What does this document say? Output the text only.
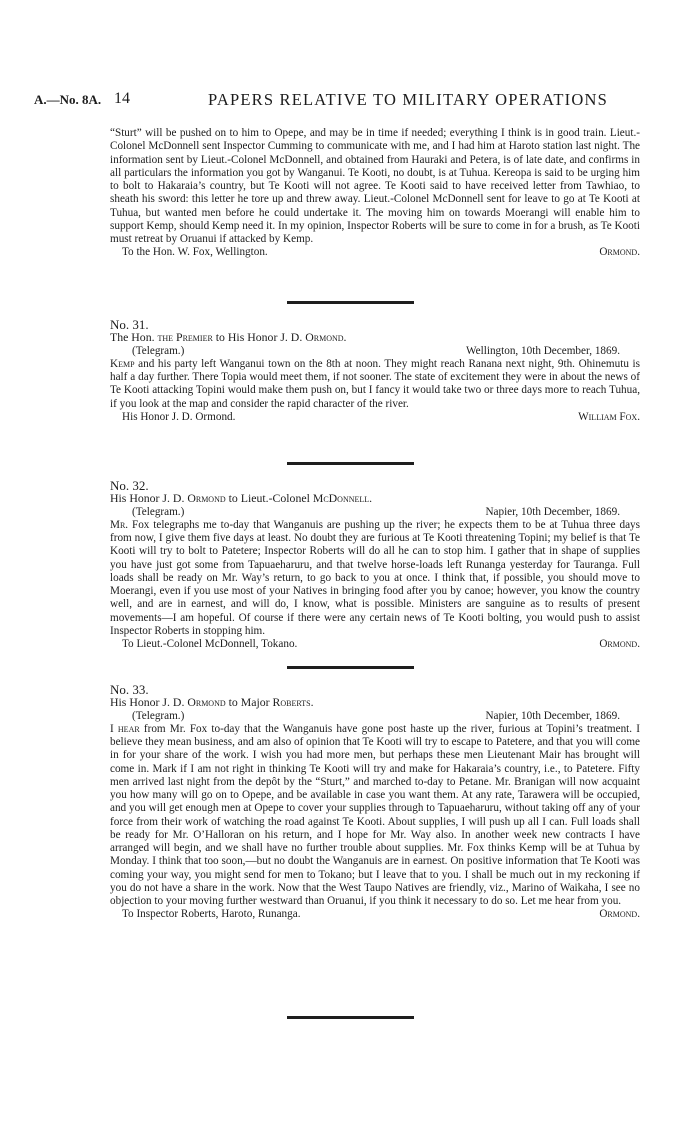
A.—No. 8A. 14	PAPERS RELATIVE TO MILITARY OPERATIONS

“Sturt” will be pushed on to him to Opepe, and may be in time if needed; everything I think is in good train. Lieut.-Colonel McDonnell sent Inspector Cumming to communicate with me, and I had him at Haroto station last night. The information sent by Lieut.-Colonel McDonnell, and obtained from Hauraki and Petera, is of late date, and confirms in all particulars the information you got by Wanganui. Te Kooti, no doubt, is at Tuhua. Kereopa is said to be urging him to bolt to Hakaraia’s country, but Te Kooti will not agree. Te Kooti said to have received letter from Tawhiao, to sheath his sword: this letter he tore up and threw away. Lieut.-Colonel McDonnell sent for leave to go at Te Kooti at Tuhua, but wanted men before he could undertake it. The moving him on towards Moerangi will enable him to support Kemp, should Kemp need it. In my opinion, Inspector Roberts will be sure to come in for a brush, as Te Kooti must retreat by Oruanui if attacked by Kemp.

To the Hon. W. Fox, Wellington.	Ormond.

No. 31.

The Hon. the Premier to His Honor J. D. Ormond.

(Telegram.)	Wellington, 10th December, 1869.

Kemp and his party left Wanganui town on the 8th at noon. They might reach Ranana next night, 9th. Ohinemutu is half a day further. There Topia would meet them, if not sooner. The state of excitement they were in about the news of Te Kooti attacking Topini would make them push on, but I fancy it would take two or three days more to reach Tuhua, if you look at the map and consider the rapid character of the river.

His Honor J. D. Ormond.	William Fox.

No. 32.

His Honor J. D. Ormond to Lieut.-Colonel McDonnell.

(Telegram.)	Napier, 10th December, 1869.

Mr. Fox telegraphs me to-day that Wanganuis are pushing up the river; he expects them to be at Tuhua three days from now, I give them five days at least. No doubt they are furious at Te Kooti threatening Topini; my belief is that Te Kooti will try to bolt to Patetere; Inspector Roberts will do all he can to stop him. I gather that in shape of supplies you have just got some from Tapuaeharuru, and that twelve horse-loads left Runanga yesterday for Tauranga. Full loads shall be ready on Mr. Way’s return, to go back to you at once. I think that, if possible, you should move to Moerangi, even if you use most of your Natives in bringing food after you by canoe; however, you know the country well, and are in earnest, and will do, I know, what is possible. Ministers are sanguine as to results of present movements—I am hopeful. Of course if there were any certain news of Te Kooti bolting, you would push to assist Inspector Roberts in stopping him.

To Lieut.-Colonel McDonnell, Tokano.	Ormond.

No. 33.

His Honor J. D. Ormond to Major Roberts.

(Telegram.)	Napier, 10th December, 1869.

I hear from Mr. Fox to-day that the Wanganuis have gone post haste up the river, furious at Topini’s treatment. I believe they mean business, and am also of opinion that Te Kooti will try to escape to Patetere, and that you will come in for your share of the work. I wish you had more men, but perhaps these men Lieutenant Mair has brought will come in. Mark if I am not right in thinking Te Kooti will try and make for Hakaraia’s country, i.e., to Patetere. Fifty men arrived last night from the depôt by the “Sturt,” and marched to-day to Petane. Mr. Branigan will now acquaint you how many will go on to Opepe, and be available in case you want them. At any rate, Tarawera will be occupied, and you will get enough men at Opepe to cover your supplies through to Tapuaeharuru, without taking off any of your force from their work of watching the road against Te Kooti. About supplies, I will push up all I can. Full loads shall be ready for Mr. O’Halloran on his return, and I hope for Mr. Way also. In another week new contracts I have arranged will begin, and we shall have no further trouble about supplies. Mr. Fox thinks Kemp will be at Tuhua by Monday. I think that too soon,—but no doubt the Wanganuis are in earnest. On positive information that Te Kooti was coming your way, you might send for men to Tokano; but I leave that to you. I shall be much out in my reckoning if you do not have a share in the work. Now that the West Taupo Natives are friendly, viz., Marino of Waikaha, I see no objection to your moving further westward than Oruanui, if you think it necessary to do so. Let me hear from you.

To Inspector Roberts, Haroto, Runanga.	Ormond.
